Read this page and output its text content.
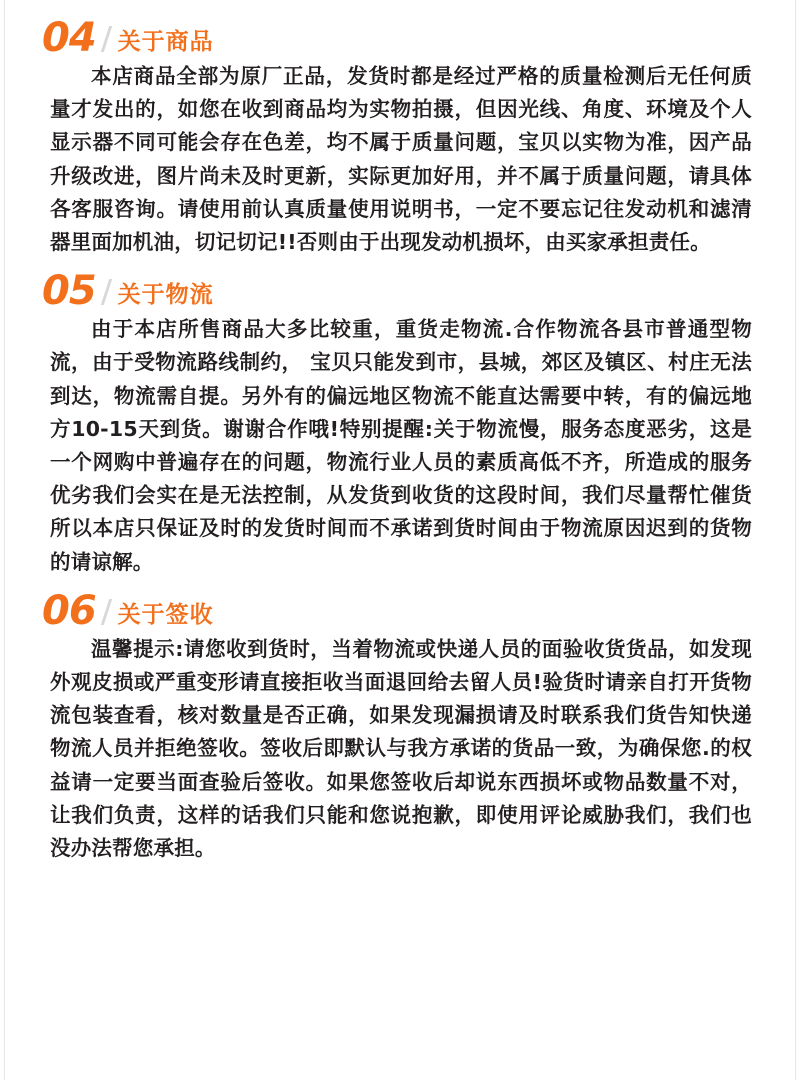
04 关于商品

本店商品全部为原厂正品，发货时都是经过严格的质量检测后无任何质量才发出的，如您在收到商品均为实物拍摄，但因光线、角度、环境及个人显示器不同可能会存在色差，均不属于质量问题，宝贝以实物为准，因产品升级改进，图片尚未及时更新，实际更加好用，并不属于质量问题，请具体各客服咨询。请使用前认真质量使用说明书，一定不要忘记往发动机和滤清器里面加机油，切记切记!!否则由于出现发动机损坏，由买家承担责任。

05 关于物流

由于本店所售商品大多比较重，重货走物流.合作物流各县市普通型物流，由于受物流路线制约， 宝贝只能发到市，县城，郊区及镇区、村庄无法到达，物流需自提。另外有的偏远地区物流不能直达需要中转，有的偏远地方10-15天到货。谢谢合作哦!特别提醒:关于物流慢，服务态度恶劣，这是一个网购中普遍存在的问题，物流行业人员的素质高低不齐，所造成的服务优劣我们会实在是无法控制，从发货到收货的这段时间，我们尽量帮忙催货所以本店只保证及时的发货时间而不承诺到货时间由于物流原因迟到的货物的请谅解。

06 关于签收

温馨提示:请您收到货时，当着物流或快递人员的面验收货货品，如发现外观皮损或严重变形请直接拒收当面退回给去留人员!验货时请亲自打开货物流包装查看，核对数量是否正确，如果发现漏损请及时联系我们货告知快递物流人员并拒绝签收。签收后即默认与我方承诺的货品一致，为确保您.的权益请一定要当面查验后签收。如果您签收后却说东西损坏或物品数量不对，让我们负责，这样的话我们只能和您说抱歉，即使用评论威胁我们，我们也没办法帮您承担。
